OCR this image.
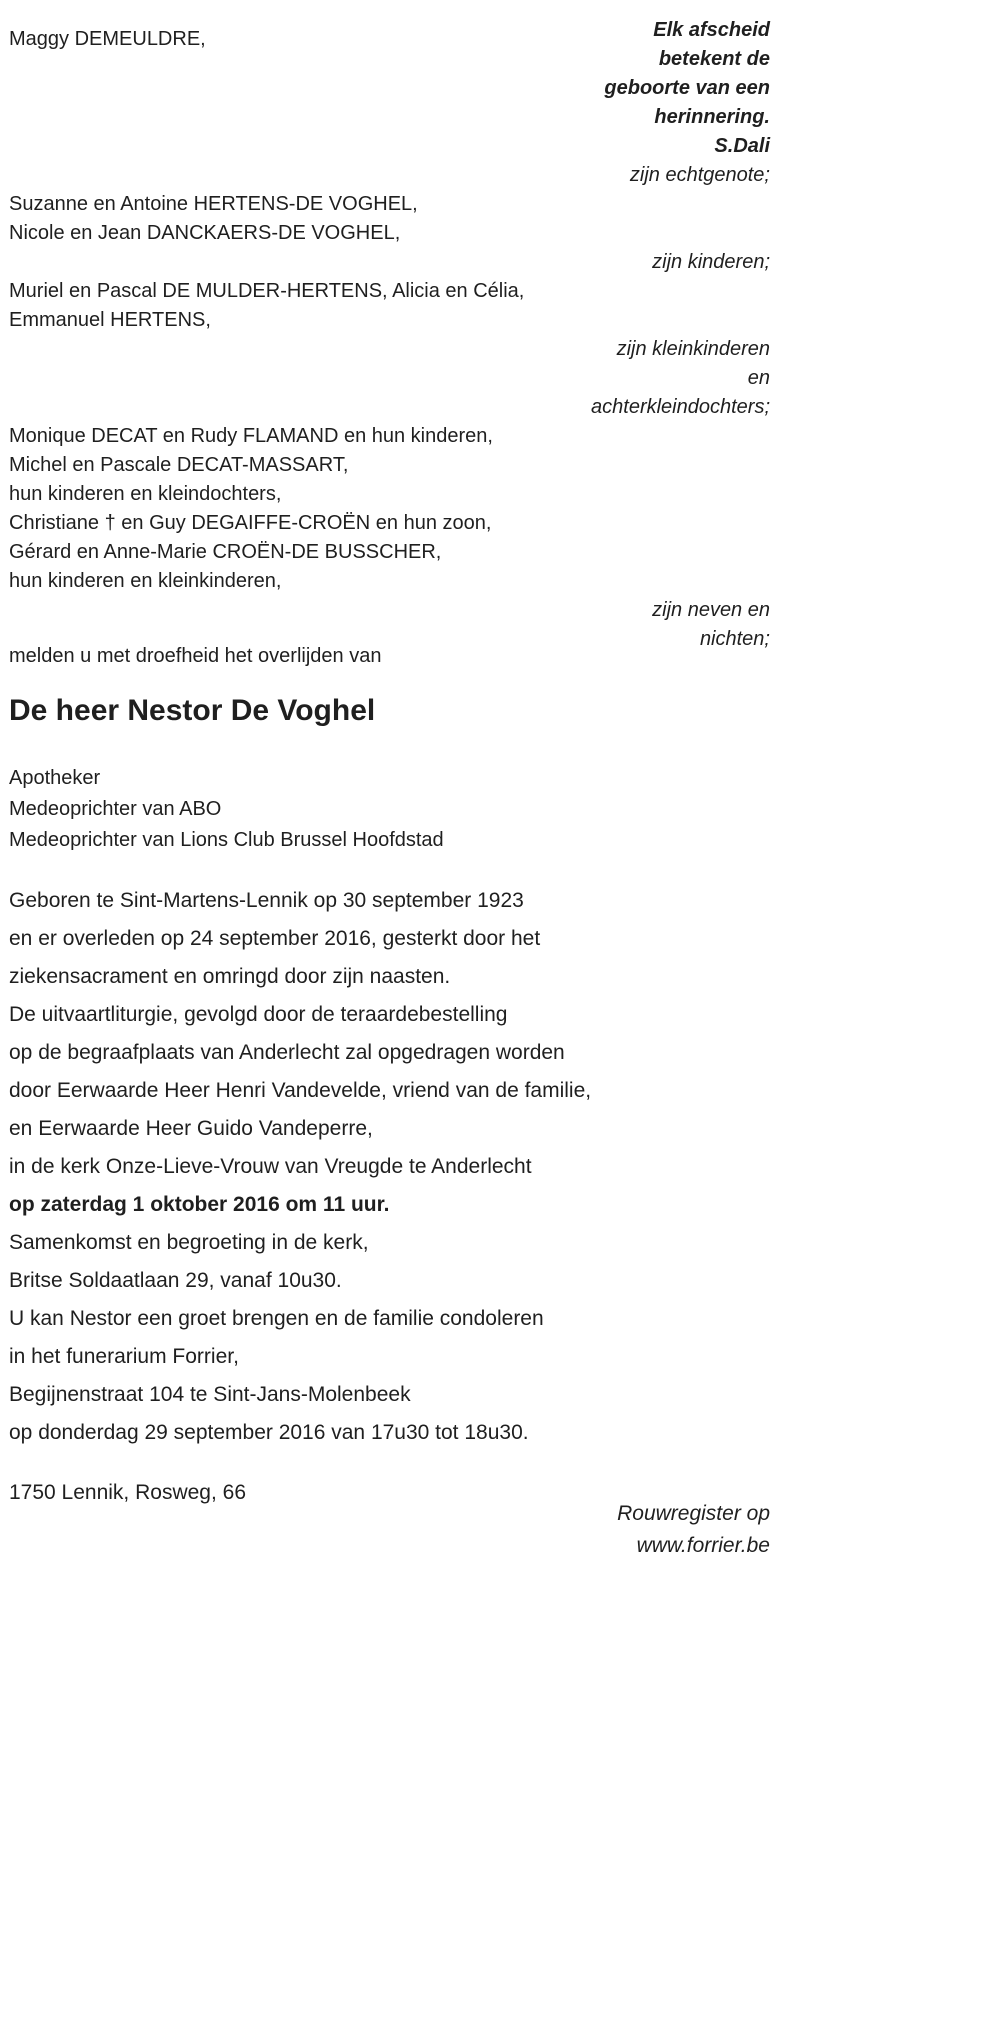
Maggy DEMEULDRE,	Elk afscheid
betekent de
geboorte van een
herinnering.
S.Dali
zijn echtgenote;
Suzanne en Antoine HERTENS-DE VOGHEL,
Nicole en Jean DANCKAERS-DE VOGHEL,
zijn kinderen;
Muriel en Pascal DE MULDER-HERTENS, Alicia en Célia,
Emmanuel HERTENS,
zijn kleinkinderen
en
achterkleindochters;
Monique DECAT en Rudy FLAMAND en hun kinderen,
Michel en Pascale DECAT-MASSART,
hun kinderen en kleindochters,
Christiane † en Guy DEGAIFFE-CROËN en hun zoon,
Gérard en Anne-Marie CROËN-DE BUSSCHER,
hun kinderen en kleinkinderen,
zijn neven en
nichten;
melden u met droefheid het overlijden van
De heer Nestor De Voghel
Apotheker
Medeoprichter van ABO
Medeoprichter van Lions Club Brussel Hoofdstad
Geboren te Sint-Martens-Lennik op 30 september 1923
en er overleden op 24 september 2016, gesterkt door het
ziekensacrament en omringd door zijn naasten.
De uitvaartliturgie, gevolgd door de teraardebestelling
op de begraafplaats van Anderlecht zal opgedragen worden
door Eerwaarde Heer Henri Vandevelde, vriend van de familie,
en Eerwaarde Heer Guido Vandeperre,
in de kerk Onze-Lieve-Vrouw van Vreugde te Anderlecht
op zaterdag 1 oktober 2016 om 11 uur.
Samenkomst en begroeting in de kerk,
Britse Soldaatlaan 29, vanaf 10u30.
U kan Nestor een groet brengen en de familie condoleren
in het funerarium Forrier,
Begijnenstraat 104 te Sint-Jans-Molenbeek
op donderdag 29 september 2016 van 17u30 tot 18u30.
1750 Lennik, Rosweg, 66
Rouwregister op
www.forrier.be
